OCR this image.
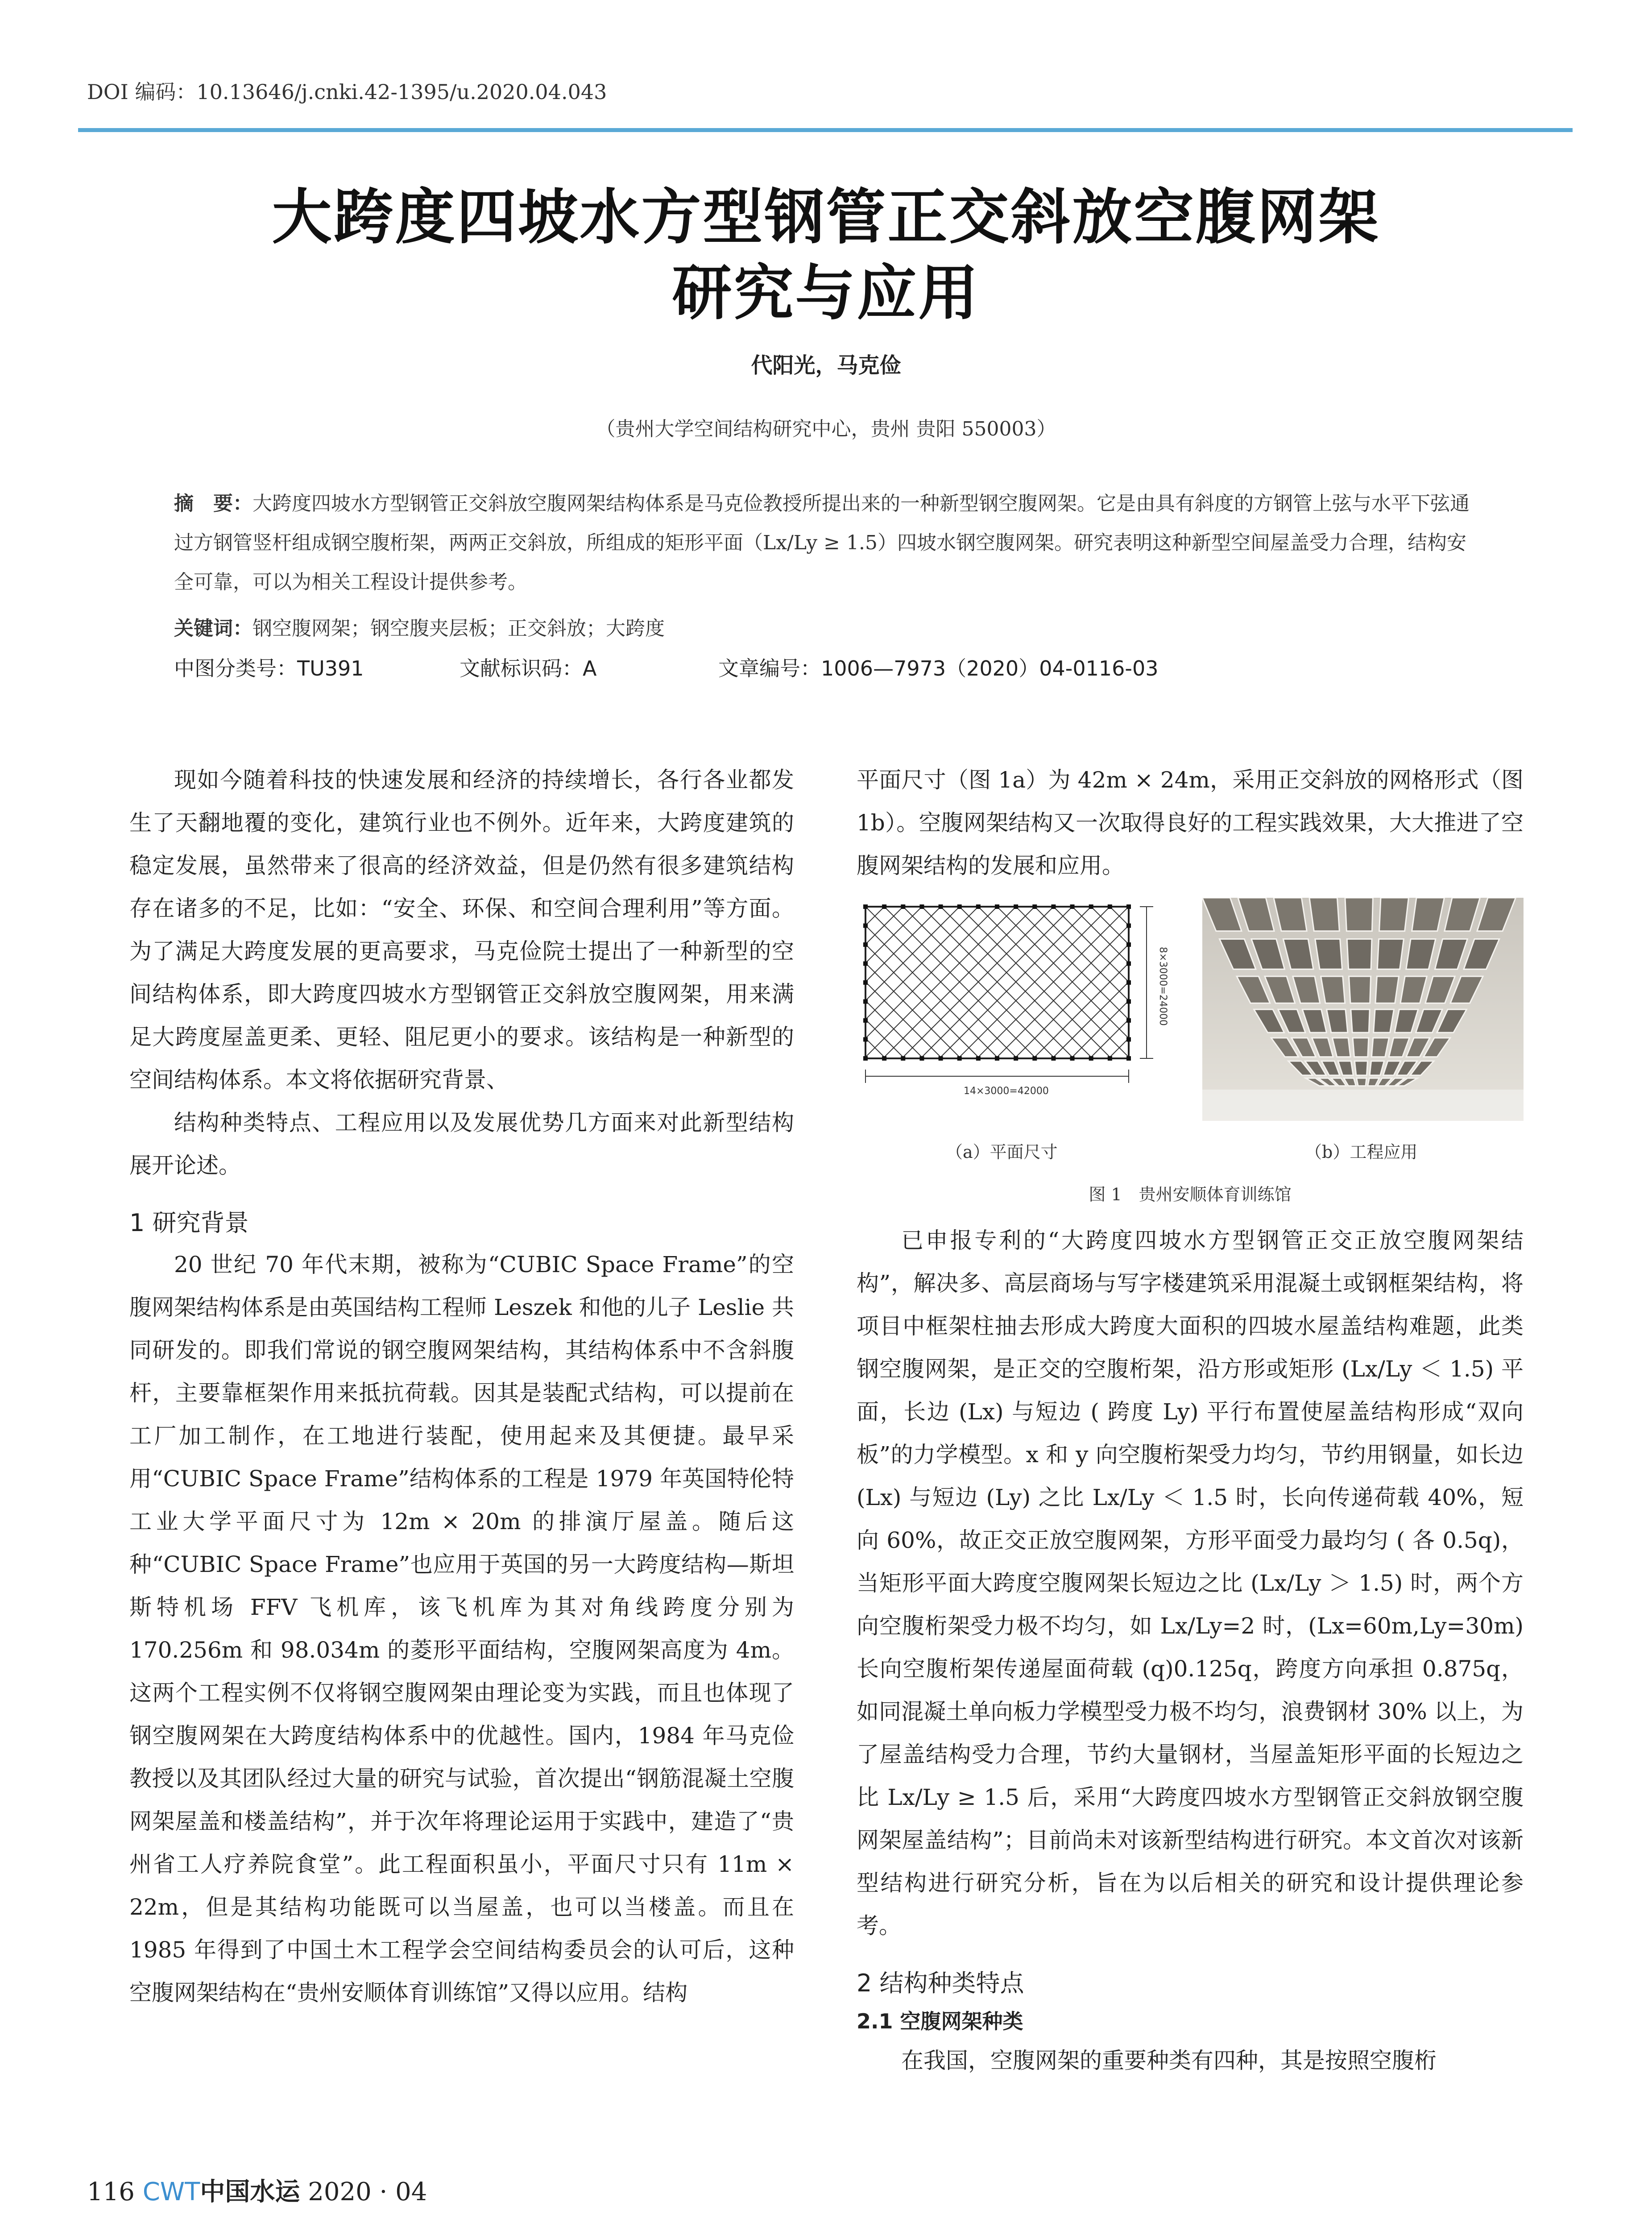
DOI 编码：10.13646/j.cnki.42-1395/u.2020.04.043
大跨度四坡水方型钢管正交斜放空腹网架
研究与应用
代阳光，马克俭
（贵州大学空间结构研究中心，贵州 贵阳 550003）
摘　要：大跨度四坡水方型钢管正交斜放空腹网架结构体系是马克俭教授所提出来的一种新型钢空腹网架。它是由具有斜度的方钢管上弦与水平下弦通过方钢管竖杆组成钢空腹桁架，两两正交斜放，所组成的矩形平面（Lx/Ly ≥ 1.5）四坡水钢空腹网架。研究表明这种新型空间屋盖受力合理，结构安全可靠，可以为相关工程设计提供参考。
关键词：钢空腹网架；钢空腹夹层板；正交斜放；大跨度
中图分类号：TU391	文献标识码：A	文章编号：1006—7973（2020）04-0116-03

现如今随着科技的快速发展和经济的持续增长，各行各业都发生了天翻地覆的变化，建筑行业也不例外。近年来，大跨度建筑的稳定发展，虽然带来了很高的经济效益，但是仍然有很多建筑结构存在诸多的不足，比如：“安全、环保、和空间合理利用”等方面。为了满足大跨度发展的更高要求，马克俭院士提出了一种新型的空间结构体系，即大跨度四坡水方型钢管正交斜放空腹网架，用来满足大跨度屋盖更柔、更轻、阻尼更小的要求。该结构是一种新型的空间结构体系。本文将依据研究背景、

结构种类特点、工程应用以及发展优势几方面来对此新型结构展开论述。

1 研究背景

20 世纪 70 年代末期，被称为“CUBIC Space Frame”的空腹网架结构体系是由英国结构工程师 Leszek 和他的儿子 Leslie 共同研发的。即我们常说的钢空腹网架结构，其结构体系中不含斜腹杆，主要靠框架作用来抵抗荷载。因其是装配式结构，可以提前在工厂加工制作，在工地进行装配，使用起来及其便捷。最早采用“CUBIC Space Frame”结构体系的工程是 1979 年英国特伦特工业大学平面尺寸为 12m × 20m 的排演厅屋盖。随后这种“CUBIC Space Frame”也应用于英国的另一大跨度结构—斯坦斯特机场 FFV 飞机库，该飞机库为其对角线跨度分别为 170.256m 和 98.034m 的菱形平面结构，空腹网架高度为 4m。这两个工程实例不仅将钢空腹网架由理论变为实践，而且也体现了钢空腹网架在大跨度结构体系中的优越性。国内，1984 年马克俭教授以及其团队经过大量的研究与试验，首次提出“钢筋混凝土空腹网架屋盖和楼盖结构”，并于次年将理论运用于实践中，建造了“贵州省工人疗养院食堂”。此工程面积虽小，平面尺寸只有 11m × 22m，但是其结构功能既可以当屋盖，也可以当楼盖。而且在 1985 年得到了中国土木工程学会空间结构委员会的认可后，这种空腹网架结构在“贵州安顺体育训练馆”又得以应用。结构

平面尺寸（图 1a）为 42m × 24m，采用正交斜放的网格形式（图 1b）。空腹网架结构又一次取得良好的工程实践效果，大大推进了空腹网架结构的发展和应用。

14×3000=42000
8×3000=24000
（a）平面尺寸	（b）工程应用
图 1　贵州安顺体育训练馆

已申报专利的“大跨度四坡水方型钢管正交正放空腹网架结构”，解决多、高层商场与写字楼建筑采用混凝土或钢框架结构，将项目中框架柱抽去形成大跨度大面积的四坡水屋盖结构难题，此类钢空腹网架，是正交的空腹桁架，沿方形或矩形 (Lx/Ly ＜ 1.5) 平面，长边 (Lx) 与短边 ( 跨度 Ly) 平行布置使屋盖结构形成“双向板”的力学模型。x 和 y 向空腹桁架受力均匀，节约用钢量，如长边 (Lx) 与短边 (Ly) 之比 Lx/Ly ＜ 1.5 时，长向传递荷载 40%，短向 60%，故正交正放空腹网架，方形平面受力最均匀 ( 各 0.5q)，当矩形平面大跨度空腹网架长短边之比 (Lx/Ly ＞ 1.5) 时，两个方向空腹桁架受力极不均匀，如 Lx/Ly=2 时，(Lx=60m,Ly=30m) 长向空腹桁架传递屋面荷载 (q)0.125q，跨度方向承担 0.875q，如同混凝土单向板力学模型受力极不均匀，浪费钢材 30% 以上，为了屋盖结构受力合理，节约大量钢材，当屋盖矩形平面的长短边之比 Lx/Ly ≥ 1.5 后，采用“大跨度四坡水方型钢管正交斜放钢空腹网架屋盖结构”；目前尚未对该新型结构进行研究。本文首次对该新型结构进行研究分析，旨在为以后相关的研究和设计提供理论参考。

2 结构种类特点
2.1 空腹网架种类

在我国，空腹网架的重要种类有四种，其是按照空腹桁

116 CWT中国水运 2020 · 04
